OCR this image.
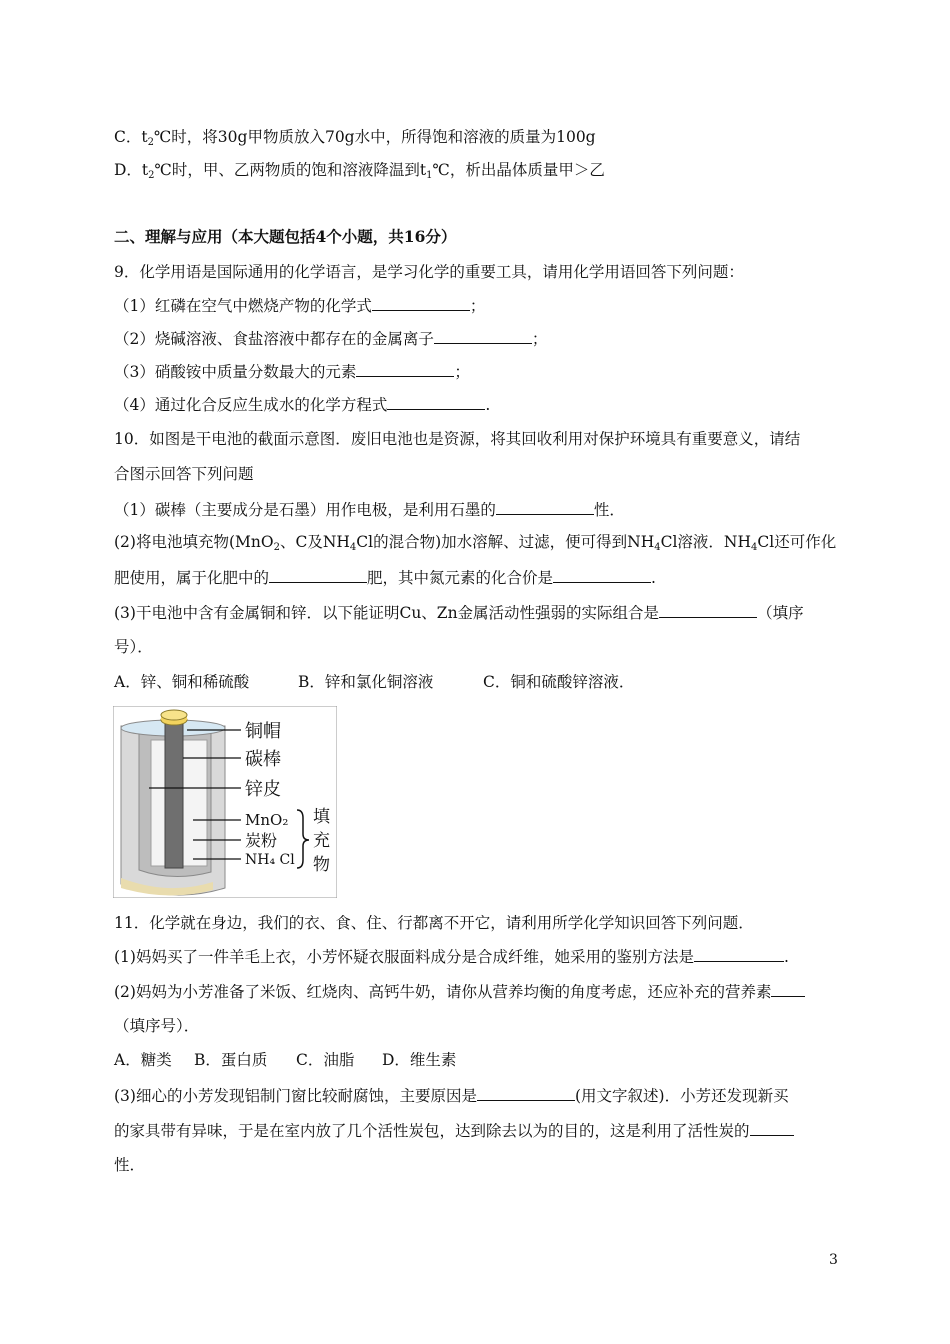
C．$t_2℃$时，将30g甲物质放入70g水中，所得饱和溶液的质量为100g
D．$t_2℃$时，甲、乙两物质的饱和溶液降温到$t_1℃$，析出晶体质量甲＞乙
二、理解与应用（本大题包括4个小题，共16分）
9．化学用语是国际通用的化学语言，是学习化学的重要工具，请用化学用语回答下列问题：
（1）红磷在空气中燃烧产物的化学式	；
（2）烧碱溶液、食盐溶液中都存在的金属离子	；
（3）硝酸铵中质量分数最大的元素	；
（4）通过化合反应生成水的化学方程式	.
10．如图是干电池的截面示意图．废旧电池也是资源，将其回收利用对保护环境具有重要意义，请结
合图示回答下列问题
（1）碳棒（主要成分是石墨）用作电极，是利用石墨的	性．
(2)将电池填充物(MnO$_2$、C及$NH_4Cl$的混合物)加水溶解、过滤，便可得到$NH_4Cl$溶液．$NH_4Cl$还可作化
肥使用，属于化肥中的	肥，其中氮元素的化合价是	.
(3)干电池中含有金属铜和锌．以下能证明Cu、Zn金属活动性强弱的实际组合是	（填序
号）．
A．锌、铜和稀硫酸	B．锌和氯化铜溶液	C．铜和硫酸锌溶液．
铜帽
碳棒
锌皮
MnO₂
炭粉
NH₄ Cl
填
充
物
11．化学就在身边，我们的衣、食、住、行都离不开它，请利用所学化学知识回答下列问题．
(1)妈妈买了一件羊毛上衣，小芳怀疑衣服面料成分是合成纤维，她采用的鉴别方法是	.
(2)妈妈为小芳准备了米饭、红烧肉、高钙牛奶，请你从营养均衡的角度考虑，还应补充的营养素
（填序号）．
A．糖类 B．蛋白质 C．油脂 D．维生素
(3)细心的小芳发现铝制门窗比较耐腐蚀，主要原因是	(用文字叙述)．小芳还发现新买
的家具带有异味，于是在室内放了几个活性炭包，达到除去以为的目的，这是利用了活性炭的
性．
3
